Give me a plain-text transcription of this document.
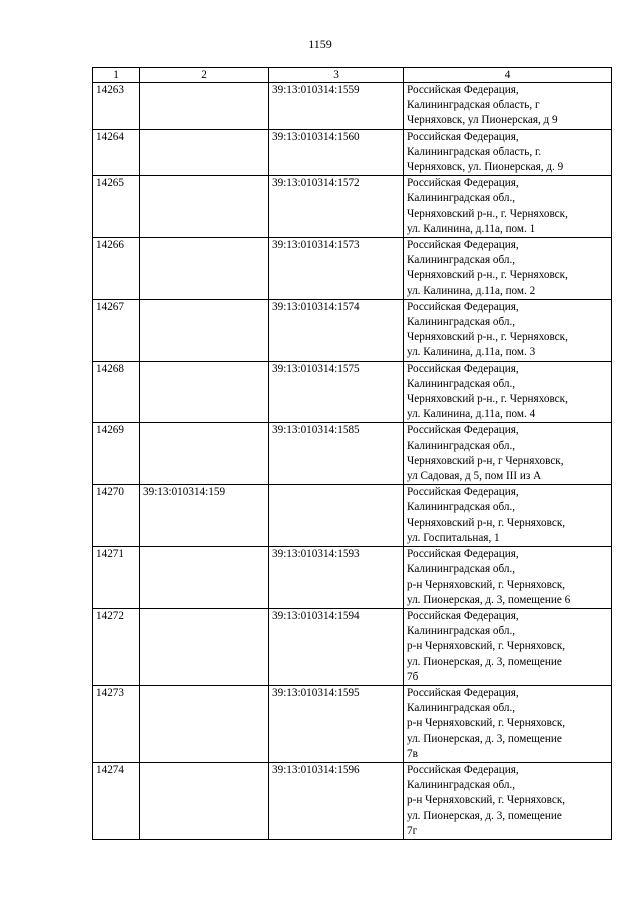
1159
1	2	3	4
14263		39:13:010314:1559	Российская Федерация,
Калининградская область, г
Черняховск, ул Пионерская, д 9

14264		39:13:010314:1560	Российская Федерация,
Калининградская область, г.
Черняховск, ул. Пионерская, д. 9

14265		39:13:010314:1572	Российская Федерация,
Калининградская обл.,
Черняховский р-н., г. Черняховск,
ул. Калинина, д.11а, пом. 1

14266		39:13:010314:1573	Российская Федерация,
Калининградская обл.,
Черняховский р-н., г. Черняховск,
ул. Калинина, д.11а, пом. 2

14267		39:13:010314:1574	Российская Федерация,
Калининградская обл.,
Черняховский р-н., г. Черняховск,
ул. Калинина, д.11а, пом. 3

14268		39:13:010314:1575	Российская Федерация,
Калининградская обл.,
Черняховский р-н., г. Черняховск,
ул. Калинина, д.11а, пом. 4

14269		39:13:010314:1585	Российская Федерация,
Калининградская обл.,
Черняховский р-н, г Черняховск,
ул Садовая, д 5, пом III из А

14270	39:13:010314:159		Российская Федерация,
Калининградская обл.,
Черняховский р-н, г. Черняховск,
ул. Госпитальная, 1

14271		39:13:010314:1593	Российская Федерация,
Калининградская обл.,
р-н Черняховский, г. Черняховск,
ул. Пионерская, д. 3, помещение 6

14272		39:13:010314:1594	Российская Федерация,
Калининградская обл.,
р-н Черняховский, г. Черняховск,
ул. Пионерская, д. 3, помещение
7б

14273		39:13:010314:1595	Российская Федерация,
Калининградская обл.,
р-н Черняховский, г. Черняховск,
ул. Пионерская, д. 3, помещение
7в

14274		39:13:010314:1596	Российская Федерация,
Калининградская обл.,
р-н Черняховский, г. Черняховск,
ул. Пионерская, д. 3, помещение
7г
